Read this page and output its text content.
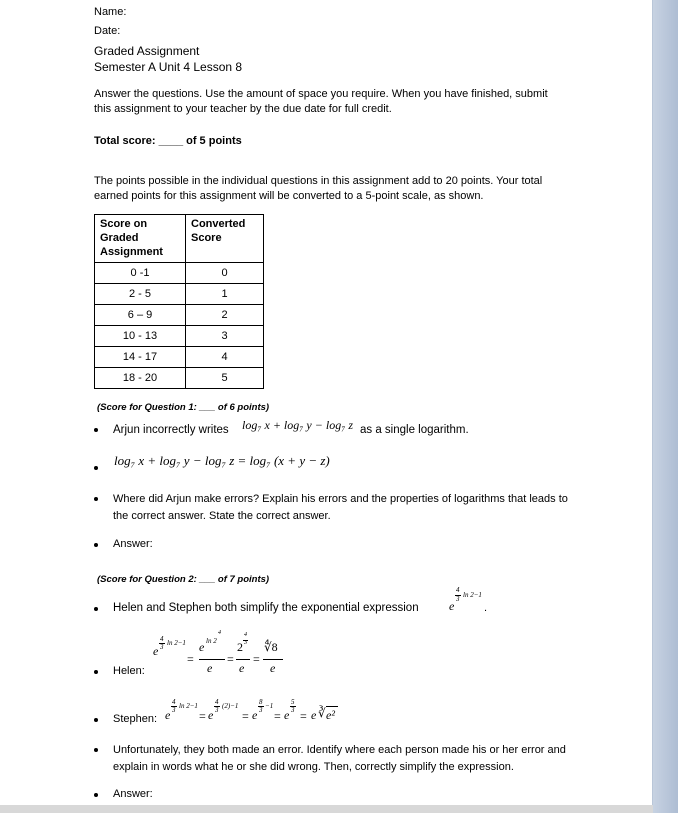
Name:
Date:
Graded Assignment
Semester A Unit 4 Lesson 8
Answer the questions. Use the amount of space you require. When you have finished, submit this assignment to your teacher by the due date for full credit.
Total score: ____ of 5 points
The points possible in the individual questions in this assignment add to 20 points. Your total earned points for this assignment will be converted to a 5-point scale, as shown.
Score on Graded Assignment	Converted Score
0 -1	0
2 - 5	1
6 – 9	2
10 - 13	3
14 - 17	4
18 - 20	5
(Score for Question 1: ___ of 6 points)
Arjun incorrectly writes log₇ x + log₇ y − log₇ z as a single logarithm.
log₇ x + log₇ y − log₇ z = log₇ (x + y − z)
Where did Arjun make errors? Explain his errors and the properties of logarithms that leads to the correct answer. State the correct answer.
Answer:
(Score for Question 2: ___ of 7 points)
Helen and Stephen both simplify the exponential expression	e
4
3 ln 2−1
.
Helen:
e
4
3 ln 2−1
=
e ln 2
4
e
=
2
4
3
e
=
∜8
e
Stephen: e
4
3 ln 2−1
= e
4
3 (2)−1
= e
8
3 −1
= e
5
3 = e ∛ e²
Unfortunately, they both made an error. Identify where each person made his or her error and explain in words what he or she did wrong. Then, correctly simplify the expression.
Answer:
